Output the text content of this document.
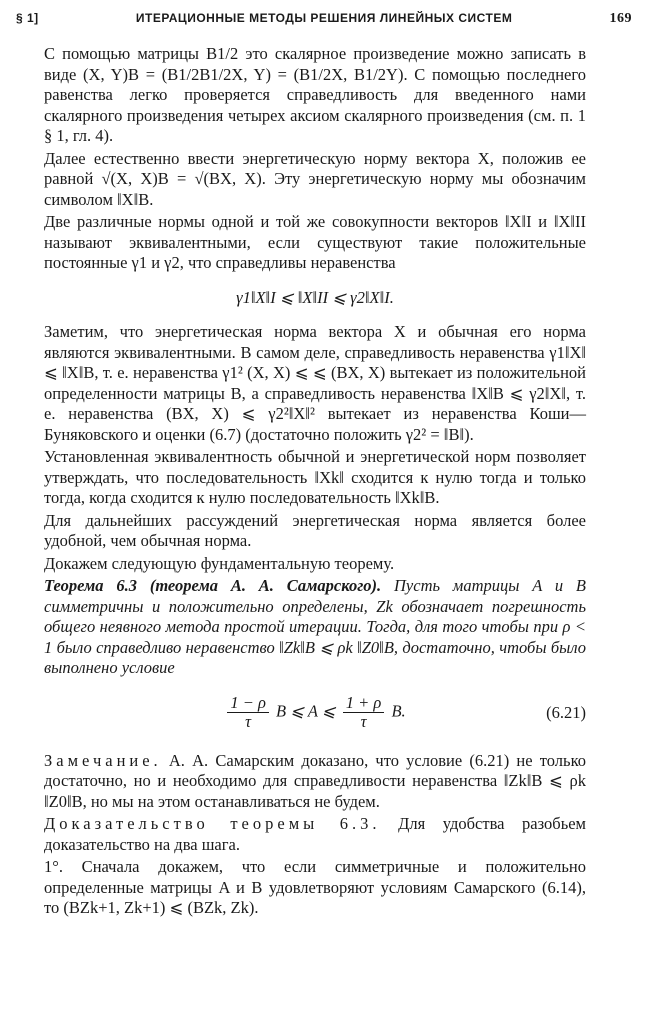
§ 1]	ИТЕРАЦИОННЫЕ МЕТОДЫ РЕШЕНИЯ ЛИНЕЙНЫХ СИСТЕМ	169

С помощью матрицы B1/2 это скалярное произведение можно записать в виде (X, Y)B = (B1/2B1/2X, Y) = (B1/2X, B1/2Y). С помощью последнего равенства легко проверяется справедливость для введенного нами скалярного произведения четырех аксиом скалярного произведения (см. п. 1 § 1, гл. 4).

Далее естественно ввести энергетическую норму вектора X, положив ее равной √(X, X)B = √(BX, X). Эту энергетическую норму мы обозначим символом ‖X‖B.

Две различные нормы одной и той же совокупности векторов ‖X‖I и ‖X‖II называют эквивалентными, если существуют такие положительные постоянные γ1 и γ2, что справедливы неравенства

γ1‖X‖I ⩽ ‖X‖II ⩽ γ2‖X‖I.

Заметим, что энергетическая норма вектора X и обычная его норма являются эквивалентными. В самом деле, справедливость неравенства γ1‖X‖ ⩽ ‖X‖B, т. е. неравенства γ1² (X, X) ⩽ ⩽ (BX, X) вытекает из положительной определенности матрицы B, а справедливость неравенства ‖X‖B ⩽ γ2‖X‖, т. е. неравенства (BX, X) ⩽ γ2²‖X‖² вытекает из неравенства Коши—Буняковского и оценки (6.7) (достаточно положить γ2² = ‖B‖).

Установленная эквивалентность обычной и энергетической норм позволяет утверждать, что последовательность ‖Xk‖ сходится к нулю тогда и только тогда, когда сходится к нулю последовательность ‖Xk‖B.

Для дальнейших рассуждений энергетическая норма является более удобной, чем обычная норма.

Докажем следующую фундаментальную теорему.

Теорема 6.3 (теорема А. А. Самарского). Пусть матрицы A и B симметричны и положительно определены, Zk обозначает погрешность общего неявного метода простой итерации. Тогда, для того чтобы при ρ < 1 было справедливо неравенство ‖Zk‖B ⩽ ρk ‖Z0‖B, достаточно, чтобы было выполнено условие

$\frac{1 - \rho}{\tau}$ B ⩽ A ⩽ $\frac{1 + \rho}{\tau} B$.	(6.21)

Замечание. А. А. Самарским доказано, что условие (6.21) не только достаточно, но и необходимо для справедливости неравенства ‖Zk‖B ⩽ ρk ‖Z0‖B, но мы на этом останавливаться не будем.

Доказательство теоремы 6.3. Для удобства разобьем доказательство на два шага.

1°. Сначала докажем, что если симметричные и положительно определенные матрицы A и B удовлетворяют условиям Самарского (6.14), то (BZk+1, Zk+1) ⩽ (BZk, Zk).
